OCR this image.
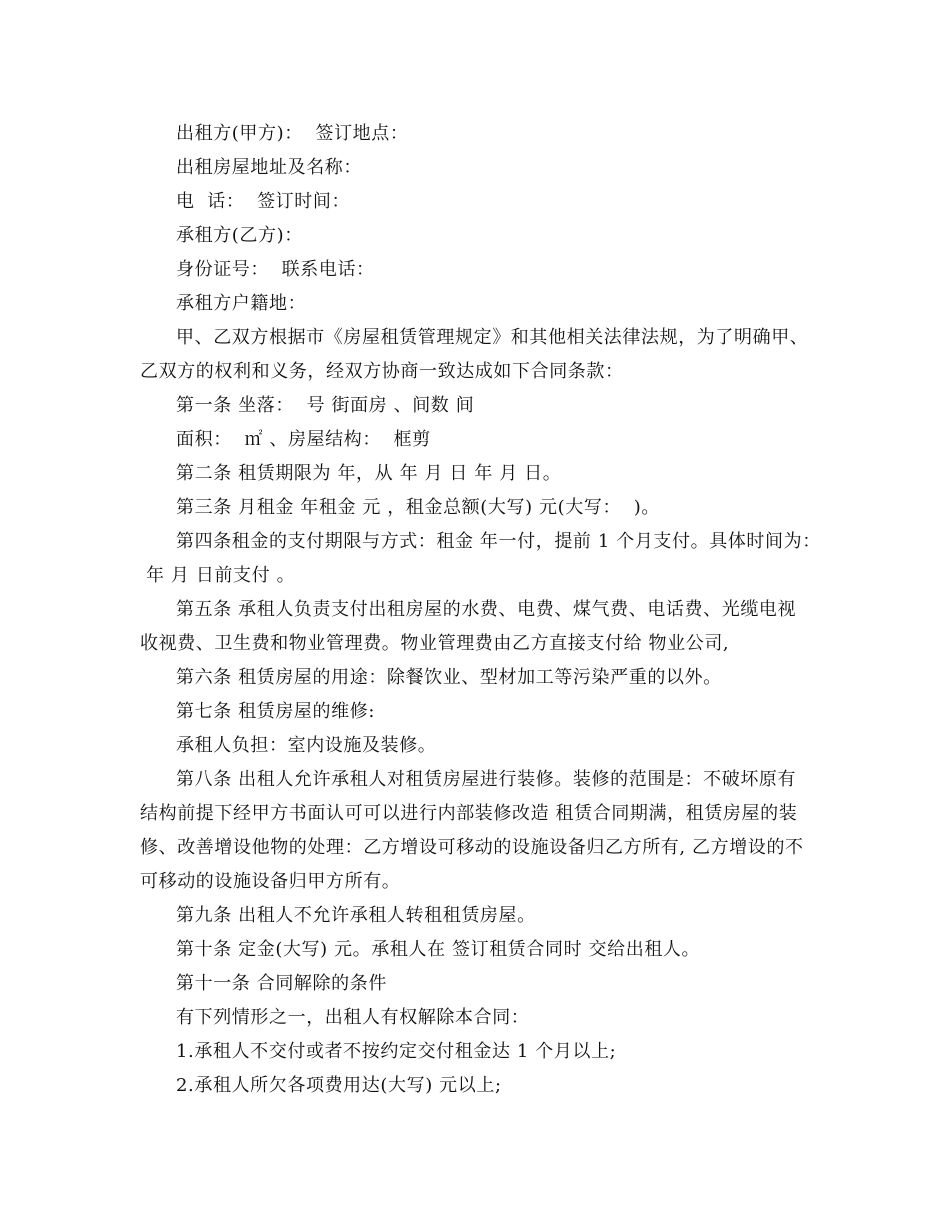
出租方(甲方)：  签订地点：
出租房屋地址及名称：
电  话：  签订时间：
承租方(乙方)：
身份证号：  联系电话：
承租方户籍地：
甲、乙双方根据市《房屋租赁管理规定》和其他相关法律法规，为了明确甲、
乙双方的权利和义务，经双方协商一致达成如下合同条款：
第一条 坐落：  号 街面房 、间数 间
面积：  ㎡ 、房屋结构：  框剪
第二条 租赁期限为 年，从 年 月 日 年 月 日。
第三条 月租金 年租金 元 ，租金总额(大写) 元(大写：  )。
第四条租金的支付期限与方式：租金 年一付，提前 1 个月支付。具体时间为：
年 月 日前支付 。
第五条 承租人负责支付出租房屋的水费、电费、煤气费、电话费、光缆电视
收视费、卫生费和物业管理费。物业管理费由乙方直接支付给 物业公司,
第六条 租赁房屋的用途：除餐饮业、型材加工等污染严重的以外。
第七条 租赁房屋的维修:
承租人负担：室内设施及装修。
第八条 出租人允许承租人对租赁房屋进行装修。装修的范围是：不破坏原有
结构前提下经甲方书面认可可以进行内部装修改造 租赁合同期满，租赁房屋的装
修、改善增设他物的处理：乙方增设可移动的设施设备归乙方所有, 乙方增设的不
可移动的设施设备归甲方所有。
第九条 出租人不允许承租人转租租赁房屋。
第十条 定金(大写) 元。承租人在 签订租赁合同时 交给出租人。
第十一条 合同解除的条件
有下列情形之一，出租人有权解除本合同：
1.承租人不交付或者不按约定交付租金达 1 个月以上;
2.承租人所欠各项费用达(大写) 元以上;
